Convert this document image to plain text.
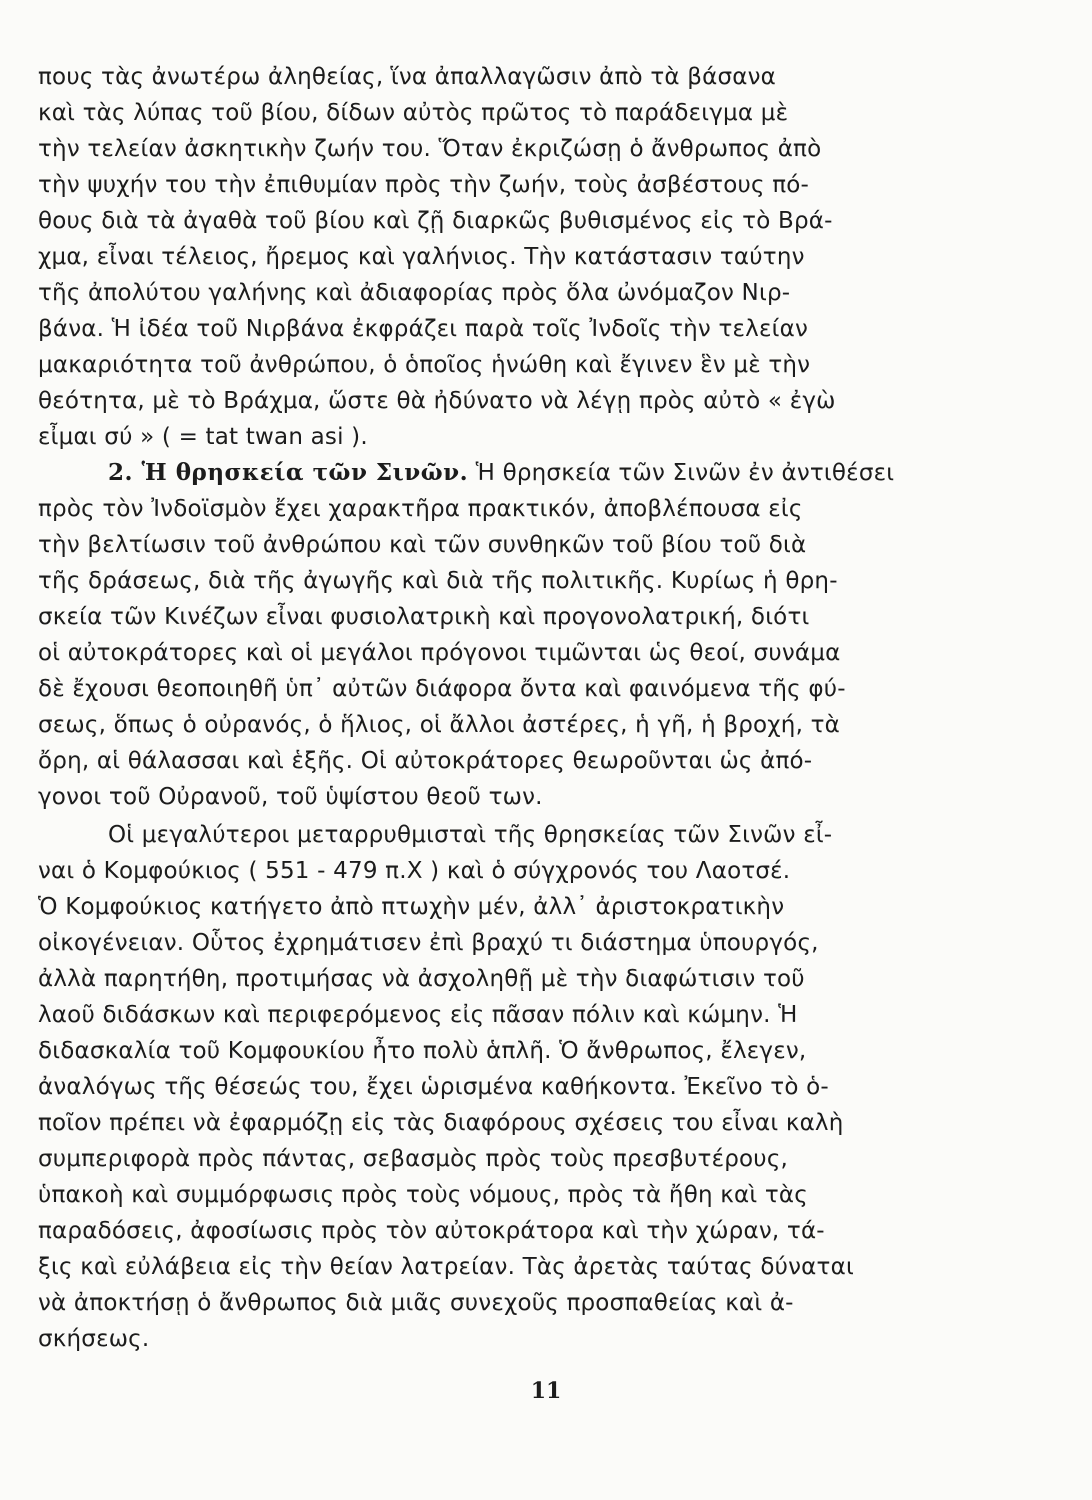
πους τὰς ἀνωτέρω ἀληθείας, ἵνα ἀπαλλαγῶσιν ἀπὸ τὰ βάσανα
καὶ τὰς λύπας τοῦ βίου, δίδων αὐτὸς πρῶτος τὸ παράδειγμα μὲ
τὴν τελείαν ἀσκητικὴν ζωήν του. Ὅταν ἐκριζώσῃ ὁ ἄνθρωπος ἀπὸ
τὴν ψυχήν του τὴν ἐπιθυμίαν πρὸς τὴν ζωήν, τοὺς ἀσβέστους πό-
θους διὰ τὰ ἀγαθὰ τοῦ βίου καὶ ζῇ διαρκῶς βυθισμένος εἰς τὸ Βρά-
χμα, εἶναι τέλειος, ἤρεμος καὶ γαλήνιος. Τὴν κατάστασιν ταύτην
τῆς ἀπολύτου γαλήνης καὶ ἀδιαφορίας πρὸς ὅλα ὠνόμαζον Νιρ-
βάνα. Ἡ ἰδέα τοῦ Νιρβάνα ἐκφράζει παρὰ τοῖς Ἰνδοῖς τὴν τελείαν
μακαριότητα τοῦ ἀνθρώπου, ὁ ὁποῖος ἡνώθη καὶ ἔγινεν ἓν μὲ τὴν
θεότητα, μὲ τὸ Βράχμα, ὥστε θὰ ἠδύνατο νὰ λέγῃ πρὸς αὐτὸ « ἐγὼ
εἶμαι σύ » ( = tat twan asi ).
2. Ἡ θρησκεία τῶν Σινῶν. Ἡ θρησκεία τῶν Σινῶν ἐν ἀντιθέσει
πρὸς τὸν Ἰνδοϊσμὸν ἔχει χαρακτῆρα πρακτικόν, ἀποβλέπουσα εἰς
τὴν βελτίωσιν τοῦ ἀνθρώπου καὶ τῶν συνθηκῶν τοῦ βίου τοῦ διὰ
τῆς δράσεως, διὰ τῆς ἀγωγῆς καὶ διὰ τῆς πολιτικῆς. Κυρίως ἡ θρη-
σκεία τῶν Κινέζων εἶναι φυσιολατρικὴ καὶ προγονολατρική, διότι
οἱ αὐτοκράτορες καὶ οἱ μεγάλοι πρόγονοι τιμῶνται ὡς θεοί, συνάμα
δὲ ἔχουσι θεοποιηθῆ ὑπ᾿ αὐτῶν διάφορα ὄντα καὶ φαινόμενα τῆς φύ-
σεως, ὅπως ὁ οὐρανός, ὁ ἥλιος, οἱ ἄλλοι ἀστέρες, ἡ γῆ, ἡ βροχή, τὰ
ὄρη, αἱ θάλασσαι καὶ ἑξῆς. Οἱ αὐτοκράτορες θεωροῦνται ὡς ἀπό-
γονοι τοῦ Οὐρανοῦ, τοῦ ὑψίστου θεοῦ των.
Οἱ μεγαλύτεροι μεταρρυθμισταὶ τῆς θρησκείας τῶν Σινῶν εἶ-
ναι ὁ Κομφούκιος ( 551 - 479 π.Χ ) καὶ ὁ σύγχρονός του Λαοτσέ.
Ὁ Κομφούκιος κατήγετο ἀπὸ πτωχὴν μέν, ἀλλ᾿ ἀριστοκρατικὴν
οἰκογένειαν. Οὗτος ἐχρημάτισεν ἐπὶ βραχύ τι διάστημα ὑπουργός,
ἀλλὰ παρητήθη, προτιμήσας νὰ ἀσχοληθῇ μὲ τὴν διαφώτισιν τοῦ
λαοῦ διδάσκων καὶ περιφερόμενος εἰς πᾶσαν πόλιν καὶ κώμην. Ἡ
διδασκαλία τοῦ Κομφουκίου ἦτο πολὺ ἁπλῆ. Ὁ ἄνθρωπος, ἔλεγεν,
ἀναλόγως τῆς θέσεώς του, ἔχει ὡρισμένα καθήκοντα. Ἐκεῖνο τὸ ὁ-
ποῖον πρέπει νὰ ἐφαρμόζῃ εἰς τὰς διαφόρους σχέσεις του εἶναι καλὴ
συμπεριφορὰ πρὸς πάντας, σεβασμὸς πρὸς τοὺς πρεσβυτέρους,
ὑπακοὴ καὶ συμμόρφωσις πρὸς τοὺς νόμους, πρὸς τὰ ἤθη καὶ τὰς
παραδόσεις, ἀφοσίωσις πρὸς τὸν αὐτοκράτορα καὶ τὴν χώραν, τά-
ξις καὶ εὐλάβεια εἰς τὴν θείαν λατρείαν. Τὰς ἀρετὰς ταύτας δύναται
νὰ ἀποκτήσῃ ὁ ἄνθρωπος διὰ μιᾶς συνεχοῦς προσπαθείας καὶ ἀ-
σκήσεως.
11
